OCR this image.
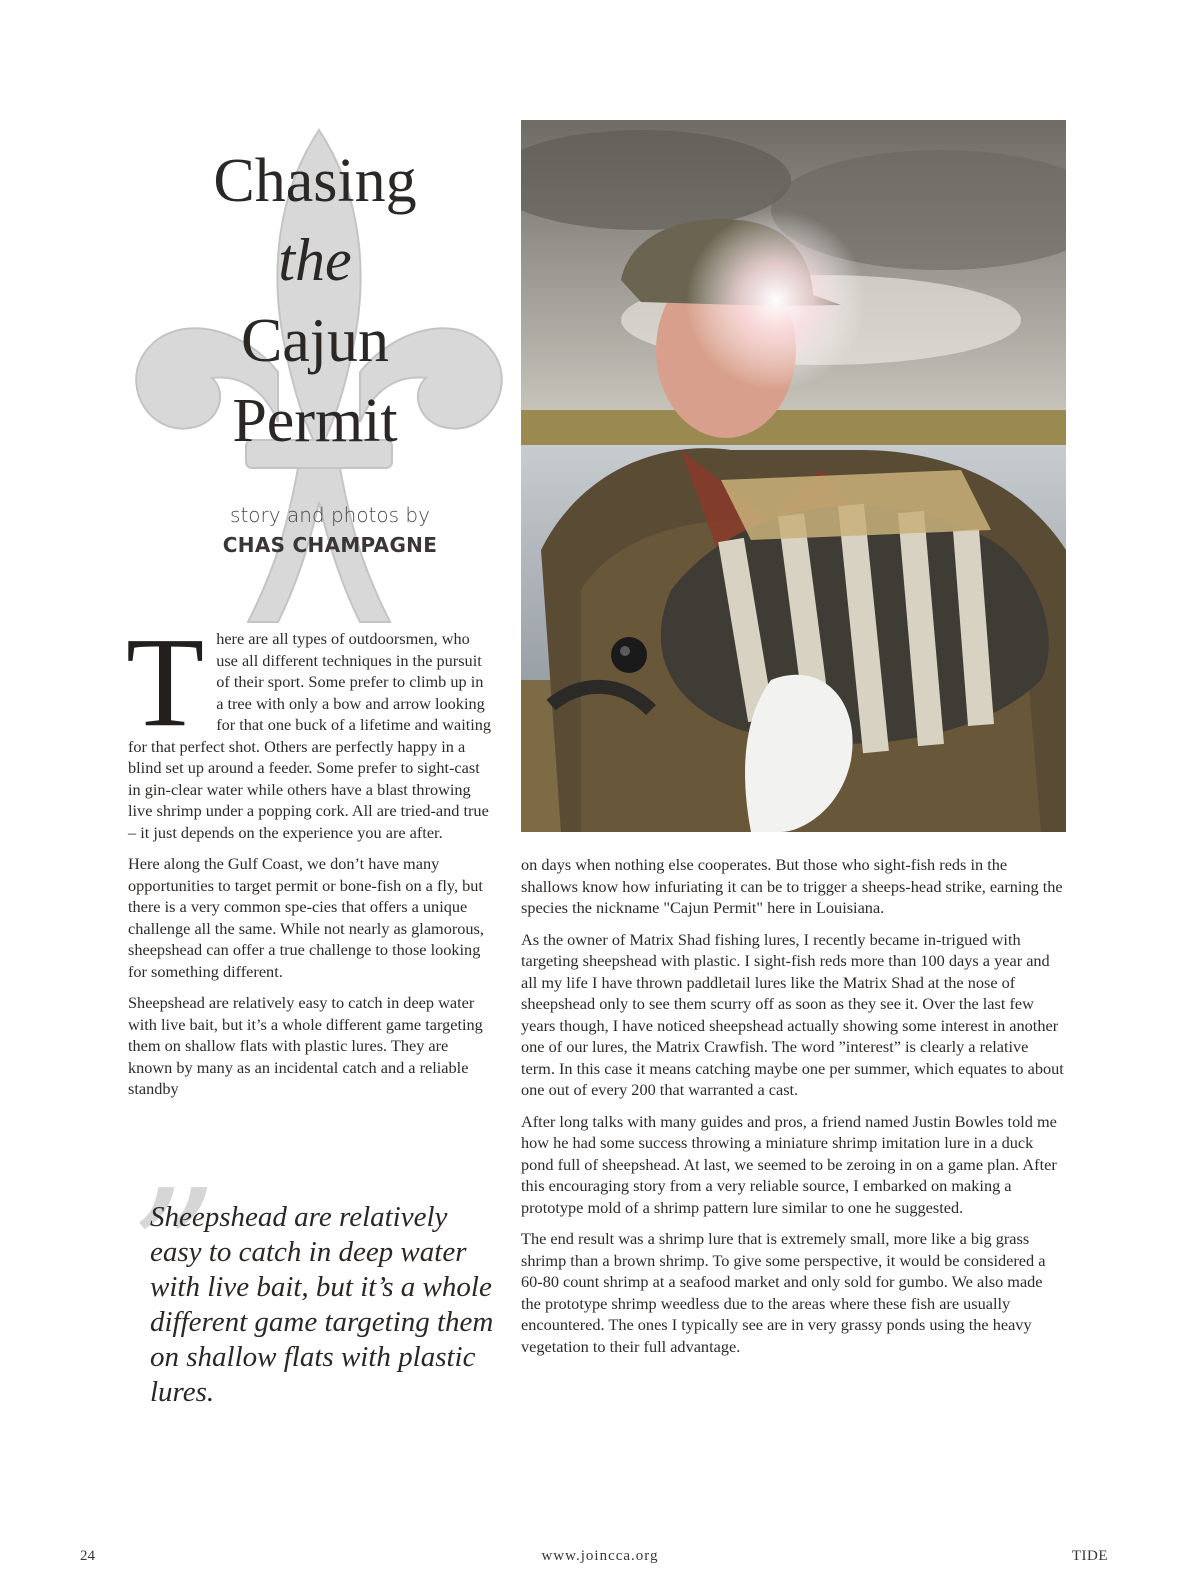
Chasing
the
Cajun
Permit
story and photos by
CHAS CHAMPAGNE

There are all types of outdoorsmen, who use all different techniques in the pursuit of their sport. Some prefer to climb up in a tree with only a bow and arrow looking for that one buck of a lifetime and waiting for that perfect shot. Others are perfectly happy in a blind set up around a feeder. Some prefer to sight-cast in gin-clear water while others have a blast throwing live shrimp under a popping cork. All are tried-and true – it just depends on the experience you are after.

Here along the Gulf Coast, we don’t have many opportunities to target permit or bone-fish on a fly, but there is a very common spe-cies that offers a unique challenge all the same. While not nearly as glamorous, sheepshead can offer a true challenge to those looking for something different.

Sheepshead are relatively easy to catch in deep water with live bait, but it’s a whole different game targeting them on shallow flats with plastic lures. They are known by many as an incidental catch and a reliable standby

”
Sheepshead are relatively easy to catch in deep water with live bait, but it’s a whole different game targeting them on shallow flats with plastic lures.

on days when nothing else cooperates. But those who sight-fish reds in the shallows know how infuriating it can be to trigger a sheeps-head strike, earning the species the nickname "Cajun Permit" here in Louisiana.

As the owner of Matrix Shad fishing lures, I recently became in-trigued with targeting sheepshead with plastic. I sight-fish reds more than 100 days a year and all my life I have thrown paddletail lures like the Matrix Shad at the nose of sheepshead only to see them scurry off as soon as they see it. Over the last few years though, I have noticed sheepshead actually showing some interest in another one of our lures, the Matrix Crawfish. The word ”interest” is clearly a relative term. In this case it means catching maybe one per summer, which equates to about one out of every 200 that warranted a cast.

After long talks with many guides and pros, a friend named Justin Bowles told me how he had some success throwing a miniature shrimp imitation lure in a duck pond full of sheepshead. At last, we seemed to be zeroing in on a game plan. After this encouraging story from a very reliable source, I embarked on making a prototype mold of a shrimp pattern lure similar to one he suggested.

The end result was a shrimp lure that is extremely small, more like a big grass shrimp than a brown shrimp. To give some perspective, it would be considered a 60-80 count shrimp at a seafood market and only sold for gumbo. We also made the prototype shrimp weedless due to the areas where these fish are usually encountered. The ones I typically see are in very grassy ponds using the heavy vegetation to their full advantage.

24	www.joincca.org	TIDE
